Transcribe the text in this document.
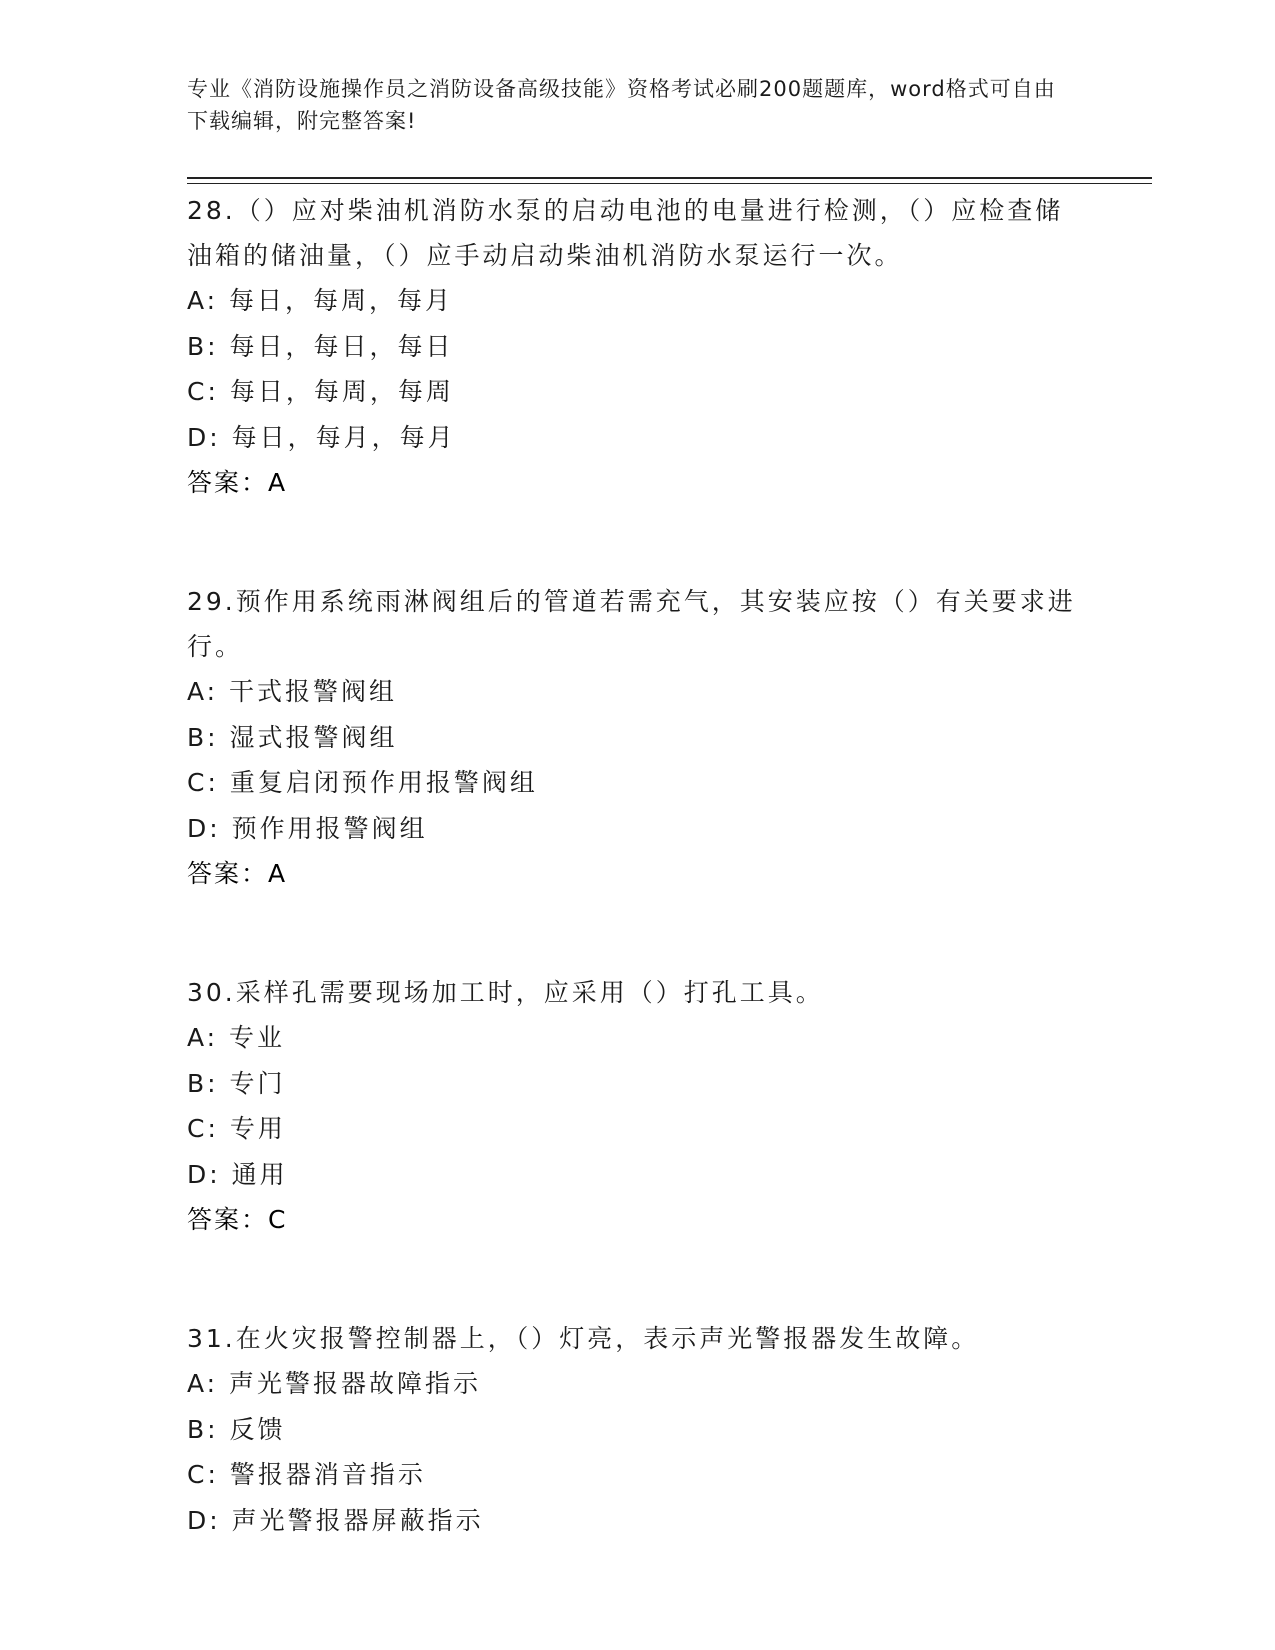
专业《消防设施操作员之消防设备高级技能》资格考试必刷200题题库，word格式可自由下载编辑，附完整答案!

28.（）应对柴油机消防水泵的启动电池的电量进行检测，（）应检查储油箱的储油量，（）应手动启动柴油机消防水泵运行一次。

A: 每日，每周，每月

B: 每日，每日，每日

C: 每日，每周，每周

D: 每日，每月，每月

答案：A

29.预作用系统雨淋阀组后的管道若需充气，其安装应按（）有关要求进行。

A: 干式报警阀组

B: 湿式报警阀组

C: 重复启闭预作用报警阀组

D: 预作用报警阀组

答案：A

30.采样孔需要现场加工时，应采用（）打孔工具。

A: 专业

B: 专门

C: 专用

D: 通用

答案：C

31.在火灾报警控制器上，（）灯亮，表示声光警报器发生故障。

A: 声光警报器故障指示

B: 反馈

C: 警报器消音指示

D: 声光警报器屏蔽指示
